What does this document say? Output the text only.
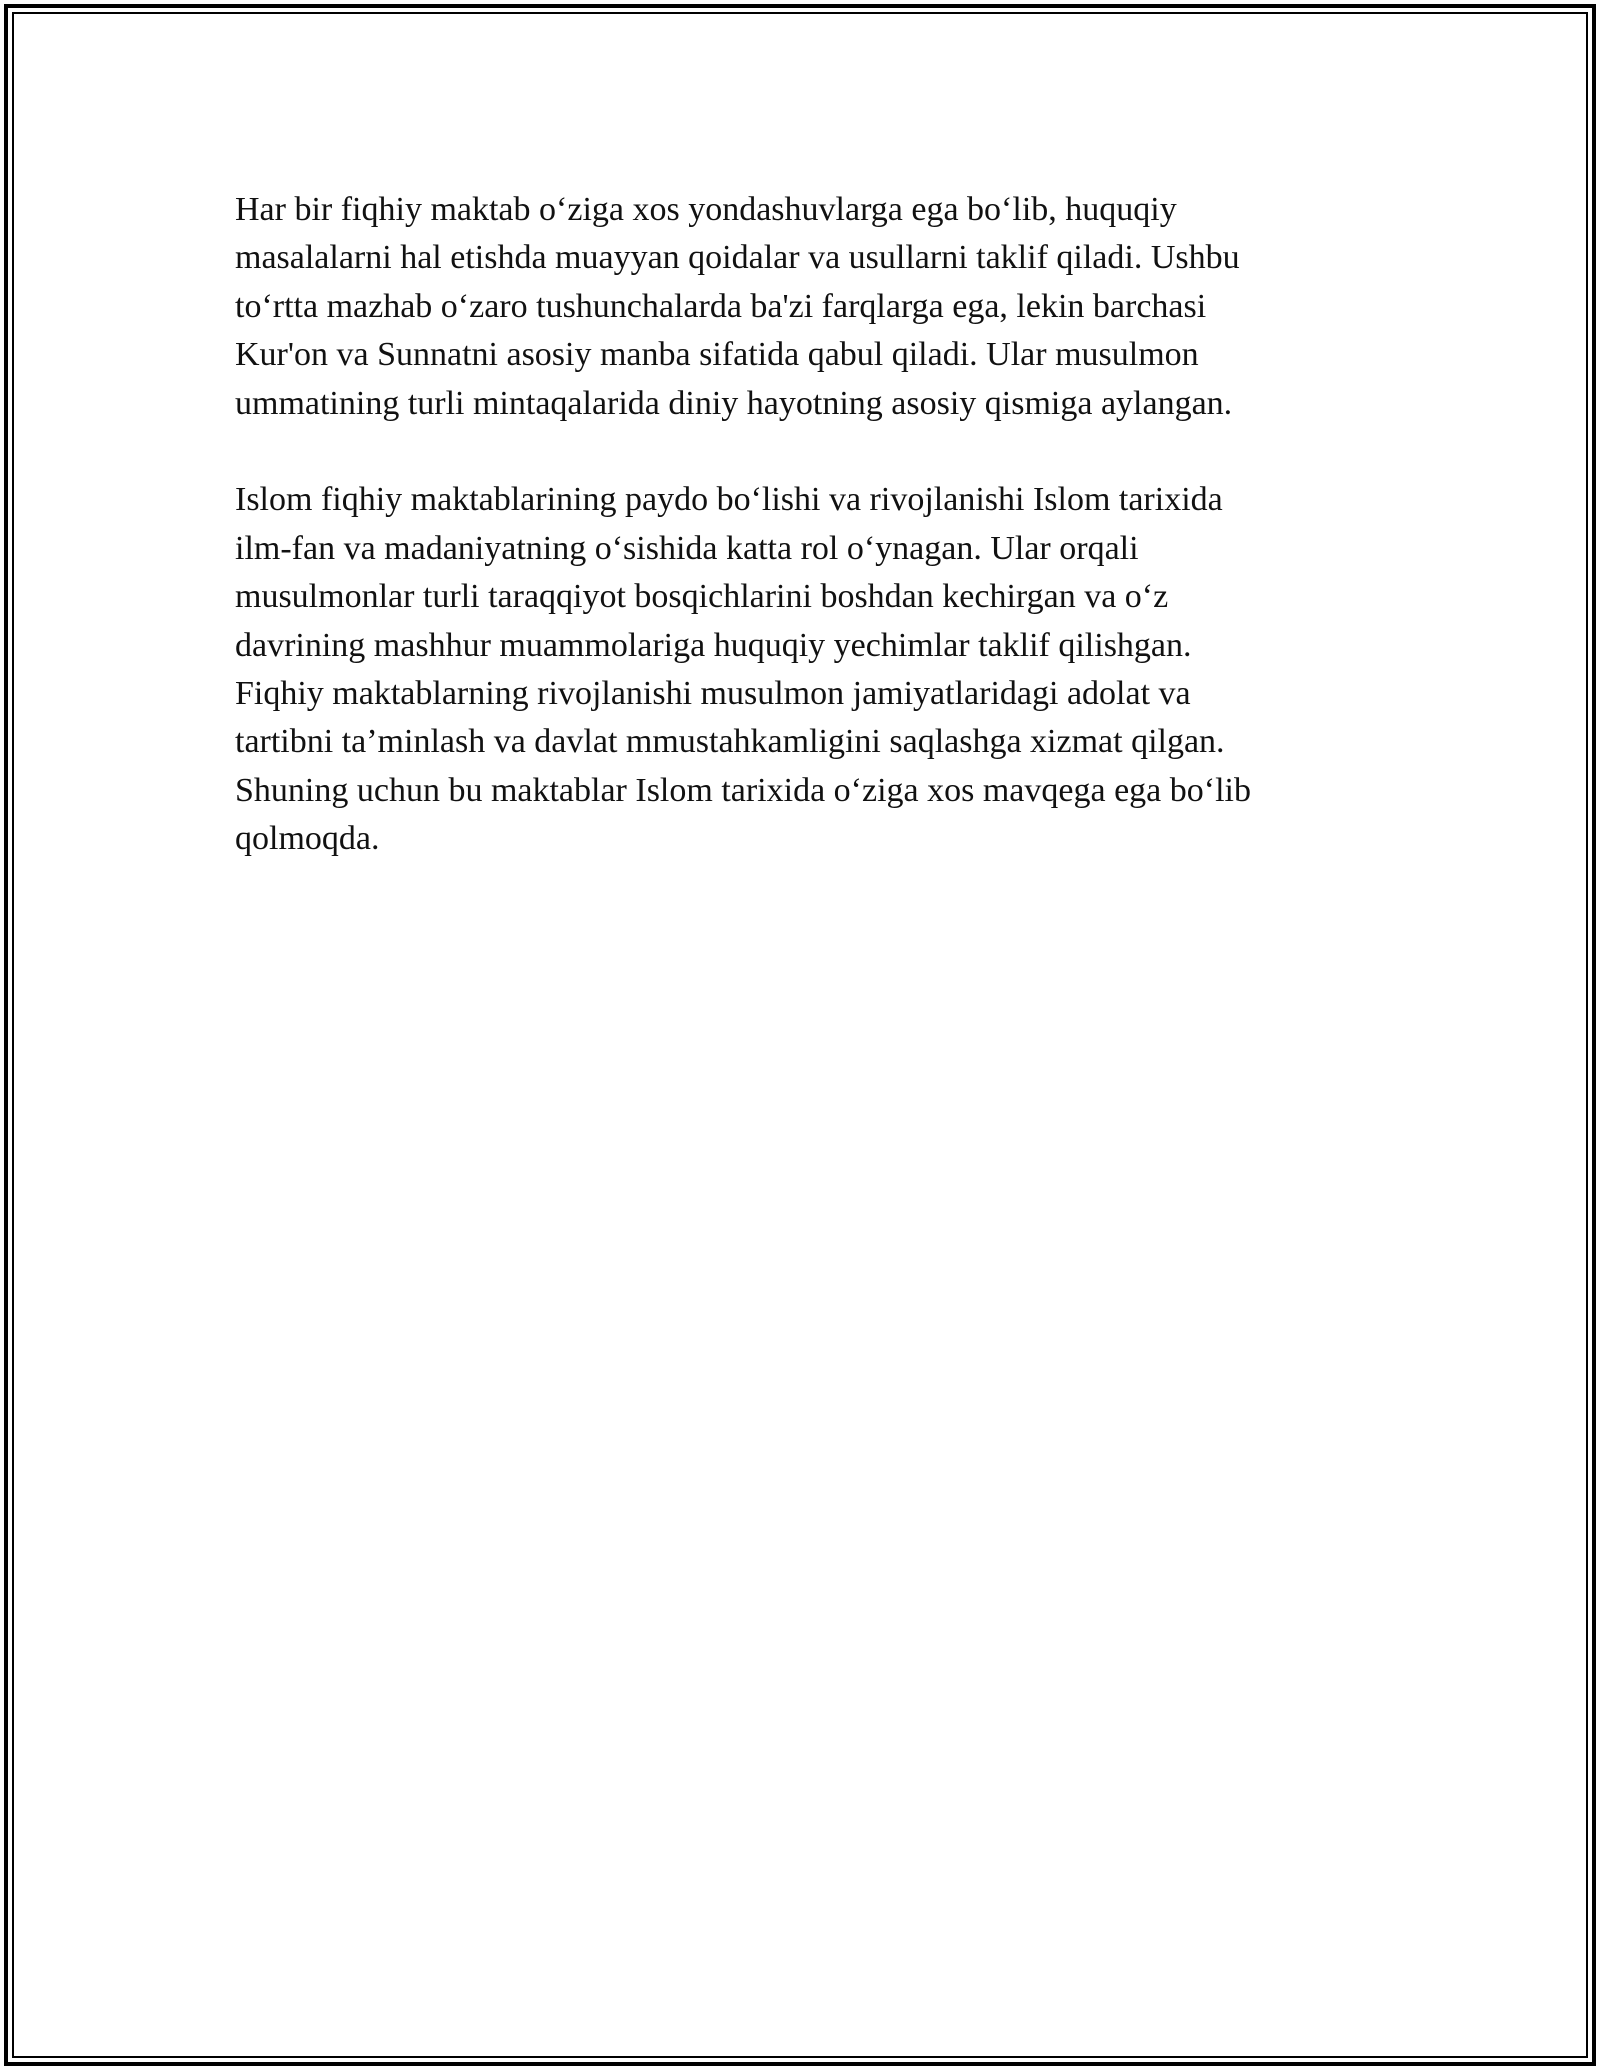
Har bir fiqhiy maktab o‘ziga xos yondashuvlarga ega bo‘lib, huquqiy
masalalarni hal etishda muayyan qoidalar va usullarni taklif qiladi. Ushbu
to‘rtta mazhab o‘zaro tushunchalarda ba'zi farqlarga ega, lekin barchasi
Kur'on va Sunnatni asosiy manba sifatida qabul qiladi. Ular musulmon
ummatining turli mintaqalarida diniy hayotning asosiy qismiga aylangan.
Islom fiqhiy maktablarining paydo bo‘lishi va rivojlanishi Islom tarixida
ilm-fan va madaniyatning o‘sishida katta rol o‘ynagan. Ular orqali
musulmonlar turli taraqqiyot bosqichlarini boshdan kechirgan va o‘z
davrining mashhur muammolariga huquqiy yechimlar taklif qilishgan.
Fiqhiy maktablarning rivojlanishi musulmon jamiyatlaridagi adolat va
tartibni ta’minlash va davlat mmustahkamligini saqlashga xizmat qilgan.
Shuning uchun bu maktablar Islom tarixida o‘ziga xos mavqega ega bo‘lib
qolmoqda.
